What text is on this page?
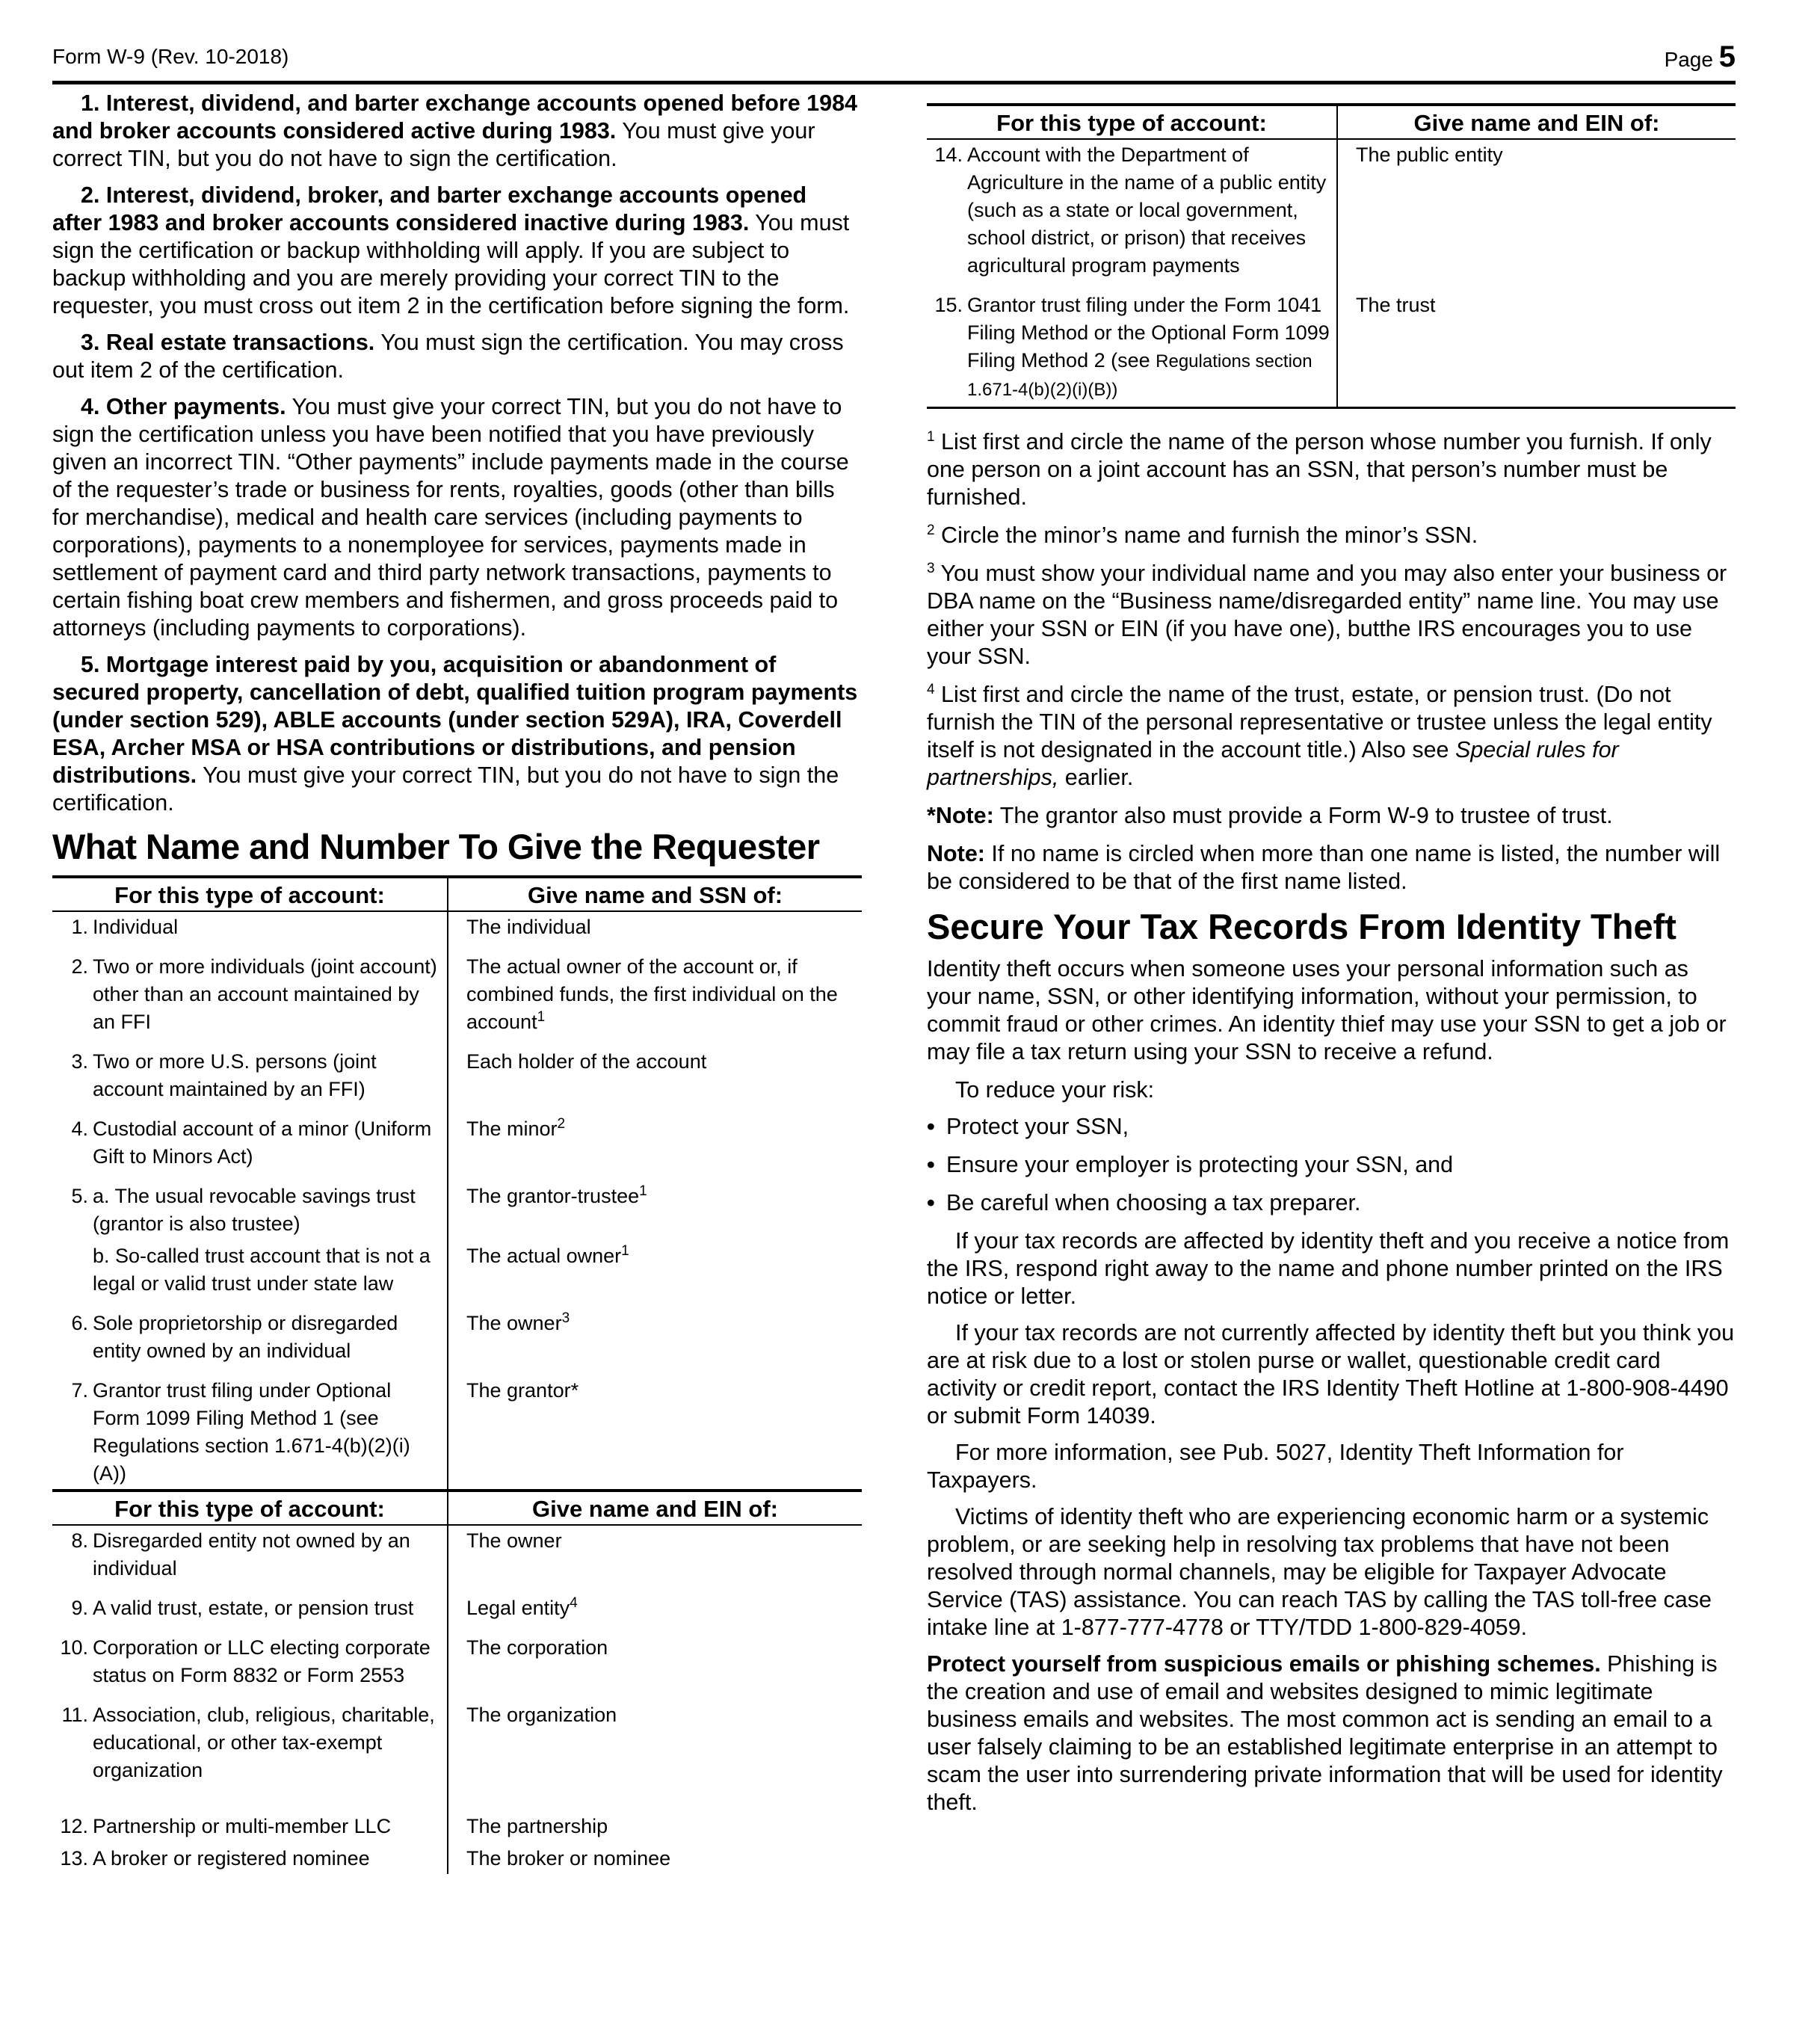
Form W-9 (Rev. 10-2018)	Page 5

1. Interest, dividend, and barter exchange accounts opened before 1984 and broker accounts considered active during 1983. You must give your correct TIN, but you do not have to sign the certification.

2. Interest, dividend, broker, and barter exchange accounts opened after 1983 and broker accounts considered inactive during 1983. You must sign the certification or backup withholding will apply. If you are subject to backup withholding and you are merely providing your correct TIN to the requester, you must cross out item 2 in the certification before signing the form.

3. Real estate transactions. You must sign the certification. You may cross out item 2 of the certification.

4. Other payments. You must give your correct TIN, but you do not have to sign the certification unless you have been notified that you have previously given an incorrect TIN. “Other payments” include payments made in the course of the requester’s trade or business for rents, royalties, goods (other than bills for merchandise), medical and health care services (including payments to corporations), payments to a nonemployee for services, payments made in settlement of payment card and third party network transactions, payments to certain fishing boat crew members and fishermen, and gross proceeds paid to attorneys (including payments to corporations).

5. Mortgage interest paid by you, acquisition or abandonment of secured property, cancellation of debt, qualified tuition program payments (under section 529), ABLE accounts (under section 529A), IRA, Coverdell ESA, Archer MSA or HSA contributions or distributions, and pension distributions. You must give your correct TIN, but you do not have to sign the certification.

What Name and Number To Give the Requester
For this type of account:	Give name and SSN of:

1. Individual	The individual

2. Two or more individuals (joint account) other than an account maintained by an FFI	The actual owner of the account or, if combined funds, the first individual on the account$^1$

3. Two or more U.S. persons (joint account maintained by an FFI)	Each holder of the account

4. Custodial account of a minor (Uniform Gift to Minors Act)	The minor$^2$

5. a. The usual revocable savings trust (grantor is also trustee)	The grantor-trustee$^1$

b. So-called trust account that is not a legal or valid trust under state law	The actual owner$^1$

6. Sole proprietorship or disregarded entity owned by an individual	The owner$^3$

7. Grantor trust filing under Optional Form 1099 Filing Method 1 (see Regulations section 1.671-4(b)(2)(i)(A))	The grantor*
For this type of account:	Give name and EIN of:

8. Disregarded entity not owned by an individual	The owner

9. A valid trust, estate, or pension trust	Legal entity$^4$

10. Corporation or LLC electing corporate status on Form 8832 or Form 2553	The corporation

11. Association, club, religious, charitable, educational, or other tax-exempt organization	The organization

12. Partnership or multi-member LLC	The partnership

13. A broker or registered nominee	The broker or nominee
For this type of account:	Give name and EIN of:

14. Account with the Department of Agriculture in the name of a public entity (such as a state or local government, school district, or prison) that receives agricultural program payments	The public entity

15. Grantor trust filing under the Form 1041 Filing Method or the Optional Form 1099 Filing Method 2 (see Regulations section 1.671-4(b)(2)(i)(B))	The trust

$^1$ List first and circle the name of the person whose number you furnish. If only one person on a joint account has an SSN, that person’s number must be furnished.

$^2$ Circle the minor’s name and furnish the minor’s SSN.

$^3$ You must show your individual name and you may also enter your business or DBA name on the “Business name/disregarded entity” name line. You may use either your SSN or EIN (if you have one), butthe IRS encourages you to use your SSN.

$^4$ List first and circle the name of the trust, estate, or pension trust. (Do not furnish the TIN of the personal representative or trustee unless the legal entity itself is not designated in the account title.) Also see Special rules for partnerships, earlier.

*Note: The grantor also must provide a Form W-9 to trustee of trust.

Note: If no name is circled when more than one name is listed, the number will be considered to be that of the first name listed.

Secure Your Tax Records From Identity Theft

Identity theft occurs when someone uses your personal information such as your name, SSN, or other identifying information, without your permission, to commit fraud or other crimes. An identity thief may use your SSN to get a job or may file a tax return using your SSN to receive a refund.

To reduce your risk:

• Protect your SSN,

• Ensure your employer is protecting your SSN, and

• Be careful when choosing a tax preparer.

If your tax records are affected by identity theft and you receive a notice from the IRS, respond right away to the name and phone number printed on the IRS notice or letter.

If your tax records are not currently affected by identity theft but you think you are at risk due to a lost or stolen purse or wallet, questionable credit card activity or credit report, contact the IRS Identity Theft Hotline at 1-800-908-4490 or submit Form 14039.

For more information, see Pub. 5027, Identity Theft Information for Taxpayers.

Victims of identity theft who are experiencing economic harm or a systemic problem, or are seeking help in resolving tax problems that have not been resolved through normal channels, may be eligible for Taxpayer Advocate Service (TAS) assistance. You can reach TAS by calling the TAS toll-free case intake line at 1-877-777-4778 or TTY/TDD 1-800-829-4059.

Protect yourself from suspicious emails or phishing schemes. Phishing is the creation and use of email and websites designed to mimic legitimate business emails and websites. The most common act is sending an email to a user falsely claiming to be an established legitimate enterprise in an attempt to scam the user into surrendering private information that will be used for identity theft.
